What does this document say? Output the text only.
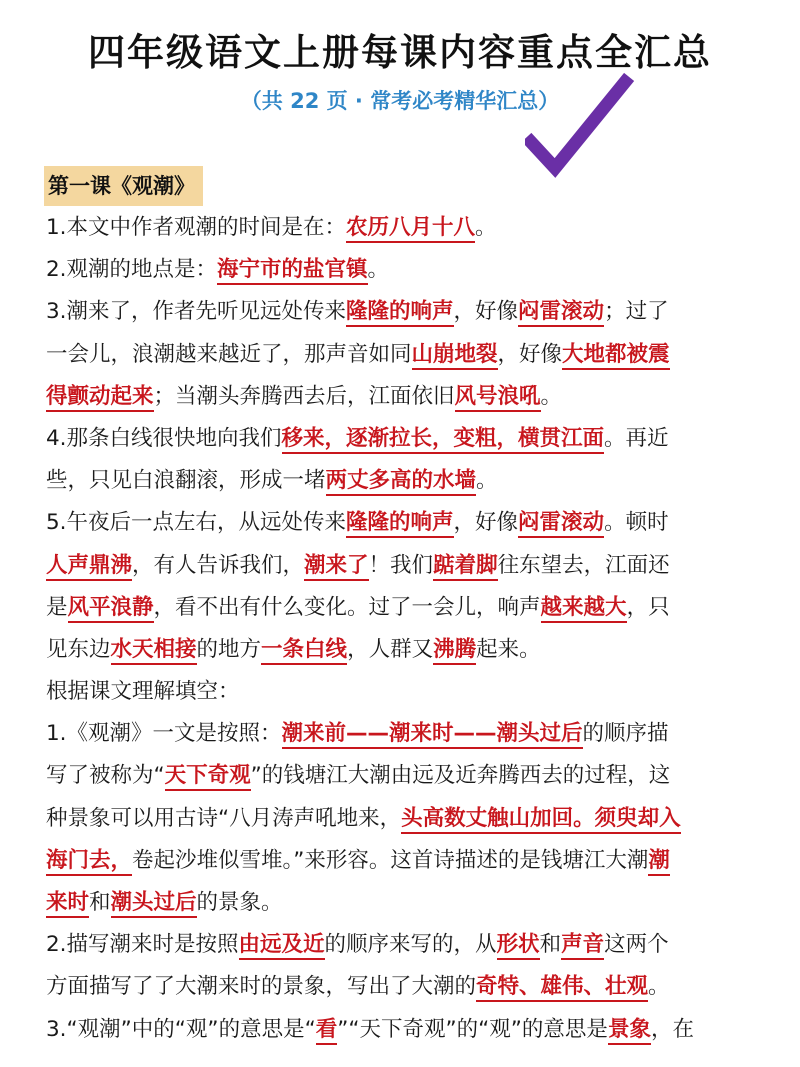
四年级语文上册每课内容重点全汇总
（共 22 页 · 常考必考精华汇总）
第一课《观潮》
1.本文中作者观潮的时间是在：农历八月十八。
2.观潮的地点是：海宁市的盐官镇。
3.潮来了，作者先听见远处传来隆隆的响声，好像闷雷滚动；过了
一会儿，浪潮越来越近了，那声音如同山崩地裂，好像大地都被震
得颤动起来；当潮头奔腾西去后，江面依旧风号浪吼。
4.那条白线很快地向我们移来，逐渐拉长，变粗，横贯江面。再近
些，只见白浪翻滚，形成一堵两丈多高的水墙。
5.午夜后一点左右，从远处传来隆隆的响声，好像闷雷滚动。顿时
人声鼎沸，有人告诉我们，潮来了！我们踮着脚往东望去，江面还
是风平浪静，看不出有什么变化。过了一会儿，响声越来越大，只
见东边水天相接的地方一条白线，人群又沸腾起来。
根据课文理解填空：
1.《观潮》一文是按照：潮来前——潮来时——潮头过后的顺序描
写了被称为“天下奇观”的钱塘江大潮由远及近奔腾西去的过程，这
种景象可以用古诗“八月涛声吼地来，头高数丈触山加回。须臾却入
海门去，卷起沙堆似雪堆。”来形容。这首诗描述的是钱塘江大潮潮
来时和潮头过后的景象。
2.描写潮来时是按照由远及近的顺序来写的，从形状和声音这两个
方面描写了了大潮来时的景象，写出了大潮的奇特、雄伟、壮观。
3.“观潮”中的“观”的意思是“看”“天下奇观”的“观”的意思是景象，在
